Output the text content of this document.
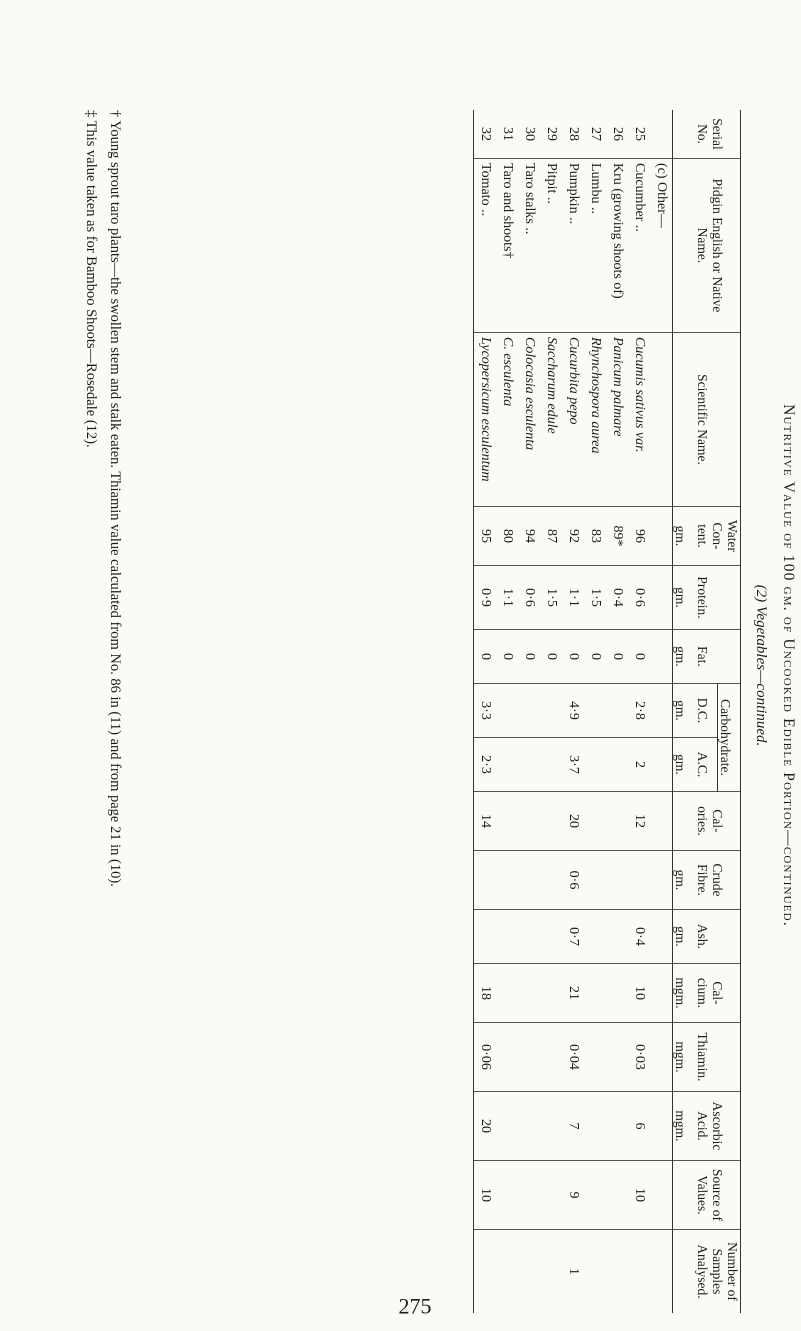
Nutritive Value of 100 gm. of Uncooked Edible Portion—continued.
(2) Vegetables—continued.
275
Serial No.	Pidgin English or Native Name.	Scientific Name.	Water Con-tent.	Protein.	Fat.	Carbohydrate.		Cal-ories.	Crude Fibre.	Ash.	Cal-cium.	Thiamin.	Ascorbic Acid.	Source of Values.	Number of Samples Analysed.
						D.C.	A.C.								
			gm.	gm.	gm.	gm.	gm.		gm.	gm.	mgm.	mgm.	mgm.		
	(c) Other—														
25	Cucumber ..	Cucumis sativus var.	96	0·6	0	2·8	2	12		0·4	10	0·03	6	10	
26	Kru (growing shoots of)	Panicum palmare	89*	0·4	0										
27	Lumbu ..	Rhynchospora aurea	83	1·5	0										
28	Pumpkin ..	Cucurbita pepo	92	1·1	0	4·9	3·7	20	0·6	0·7	21	0·04	7	9	1
29	Pitpit ..	Saccharum edule	87	1·5	0										
30	Taro stalks ..	Colocasia esculenta	94	0·6	0										
31	Taro and shoots†	C. esculenta	80	1·1	0										
32	Tomato ..	Lycopersicum esculentum	95	0·9	0	3·3	2·3	14			18	0·06	20	10	
† Young sprout taro plants—the swollen stem and stalk eaten. Thiamin value calculated from No. 86 in (11) and from page 21 in (10).
‡ This value taken as for Bamboo Shoots—Rosedale (12).
